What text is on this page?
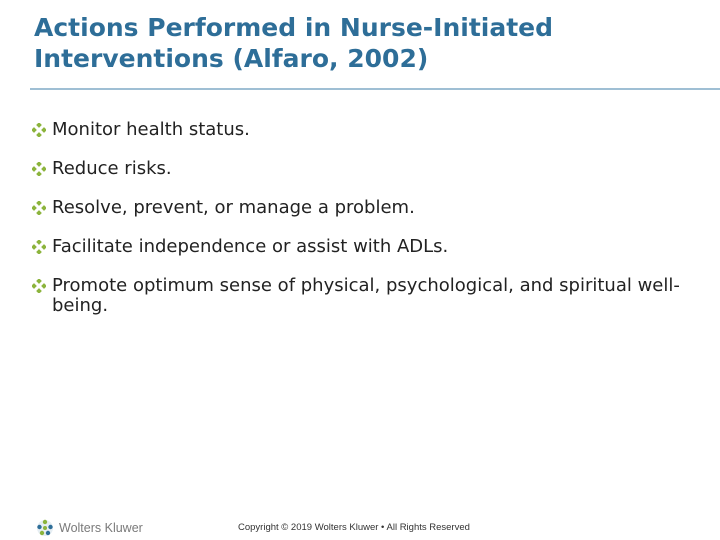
Actions Performed in Nurse-Initiated
Interventions (Alfaro, 2002)
Monitor health status.
Reduce risks.
Resolve, prevent, or manage a problem.
Facilitate independence or assist with ADLs.
Promote optimum sense of physical, psychological, and spiritual well-being.
Wolters Kluwer	Copyright © 2019 Wolters Kluwer • All Rights Reserved
